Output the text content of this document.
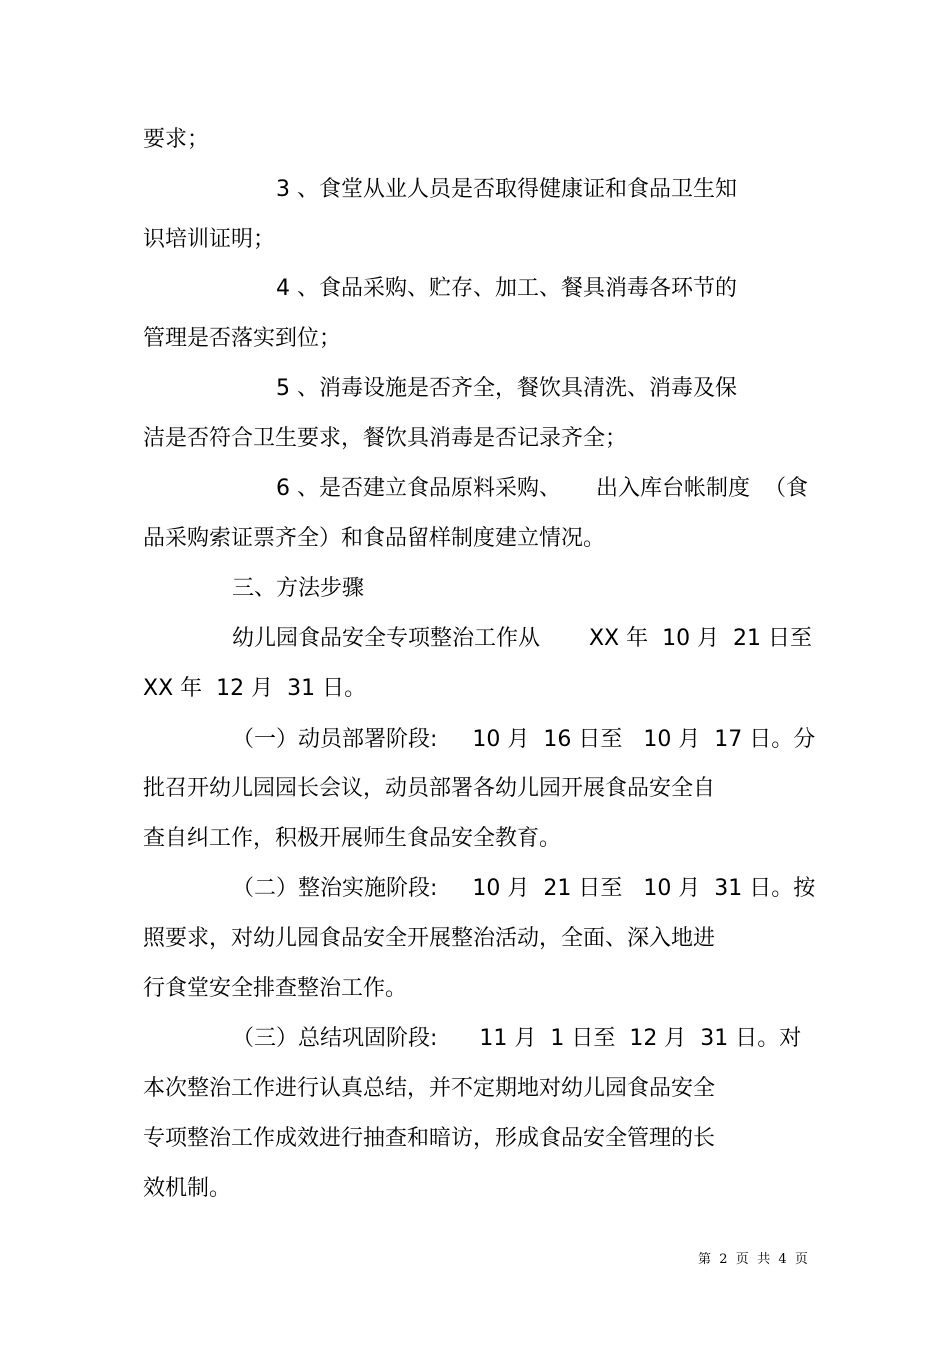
要求；

3 、食堂从业人员是否取得健康证和食品卫生知

识培训证明；

4 、食品采购、贮存、加工、餐具消毒各环节的

管理是否落实到位；

5 、消毒设施是否齐全，餐饮具清洗、消毒及保

洁是否符合卫生要求，餐饮具消毒是否记录齐全；

6 、是否建立食品原料采购、     出入库台帐制度  （食

品采购索证票齐全）和食品留样制度建立情况。

三、方法步骤

幼儿园食品安全专项整治工作从       XX 年  10 月  21 日至

XX 年  12 月  31 日。

（一）动员部署阶段:     10 月  16 日至   10 月  17 日。分

批召开幼儿园园长会议，动员部署各幼儿园开展食品安全自

查自纠工作，积极开展师生食品安全教育。

（二）整治实施阶段:     10 月  21 日至   10 月  31 日。按

照要求，对幼儿园食品安全开展整治活动，全面、深入地进

行食堂安全排查整治工作。

（三）总结巩固阶段:      11 月  1 日至  12 月  31 日。对

本次整治工作进行认真总结，并不定期地对幼儿园食品安全

专项整治工作成效进行抽查和暗访，形成食品安全管理的长

效机制。

第  2  页  共  4  页
